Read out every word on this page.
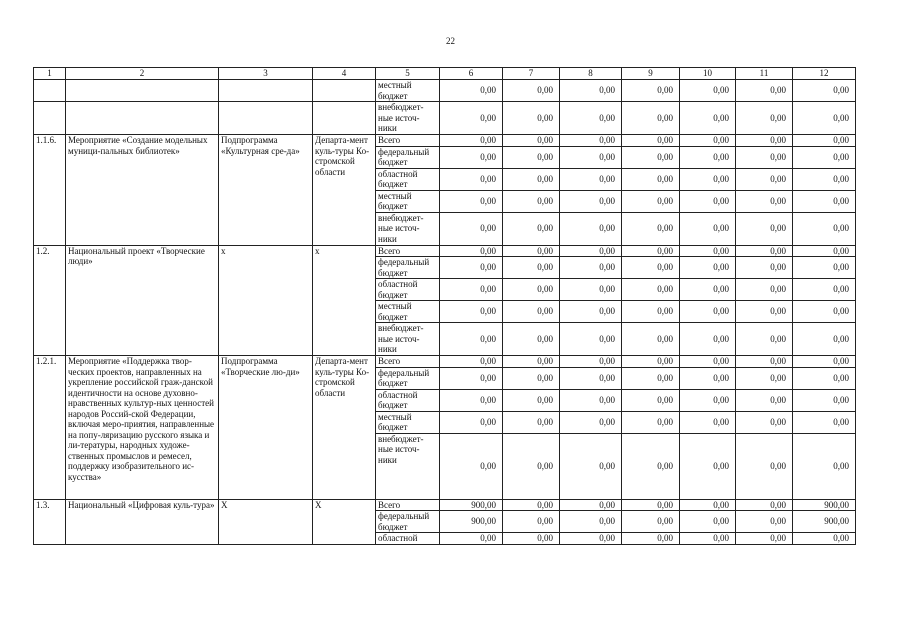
22
1	2	3	4	5	6	7	8	9	10	11	12
				местный бюджет	0,00	0,00	0,00	0,00	0,00	0,00	0,00
				внебюджет-ные источ-ники	0,00	0,00	0,00	0,00	0,00	0,00	0,00
1.1.6.	Мероприятие «Создание модельных муници-пальных библиотек»	Подпрограмма «Культурная сре-да»	Департа-мент куль-туры Ко-стромской области	Всего	0,00	0,00	0,00	0,00	0,00	0,00	0,00
федеральный бюджет	0,00	0,00	0,00	0,00	0,00	0,00	0,00
областной бюджет	0,00	0,00	0,00	0,00	0,00	0,00	0,00
местный бюджет	0,00	0,00	0,00	0,00	0,00	0,00	0,00
внебюджет-ные источ-ники	0,00	0,00	0,00	0,00	0,00	0,00	0,00
1.2.	Национальный проект «Творческие люди»	х	х	Всего	0,00	0,00	0,00	0,00	0,00	0,00	0,00
федеральный бюджет	0,00	0,00	0,00	0,00	0,00	0,00	0,00
областной бюджет	0,00	0,00	0,00	0,00	0,00	0,00	0,00
местный бюджет	0,00	0,00	0,00	0,00	0,00	0,00	0,00
внебюджет-ные источ-ники	0,00	0,00	0,00	0,00	0,00	0,00	0,00
1.2.1.	Мероприятие «Поддержка твор-ческих проектов, направленных на укрепление российской граж-данской идентичности на основе духовно-нравственных культур-ных ценностей народов Россий-ской Федерации, включая меро-приятия, направленные на попу-ляризацию русского языка и ли-тературы, народных художе-ственных промыслов и ремесел, поддержку изобразительного ис-кусства»	Подпрограмма «Творческие лю-ди»	Департа-мент куль-туры Ко-стромской области	Всего	0,00	0,00	0,00	0,00	0,00	0,00	0,00
федеральный бюджет	0,00	0,00	0,00	0,00	0,00	0,00	0,00
областной бюджет	0,00	0,00	0,00	0,00	0,00	0,00	0,00
местный бюджет	0,00	0,00	0,00	0,00	0,00	0,00	0,00
внебюджет-ные источ-ники	0,00	0,00	0,00	0,00	0,00	0,00	0,00
1.3.	Национальный «Цифровая куль-тура»	Х	Х	Всего	900,00	0,00	0,00	0,00	0,00	0,00	900,00
федеральный бюджет	900,00	0,00	0,00	0,00	0,00	0,00	900,00
областной	0,00	0,00	0,00	0,00	0,00	0,00	0,00
